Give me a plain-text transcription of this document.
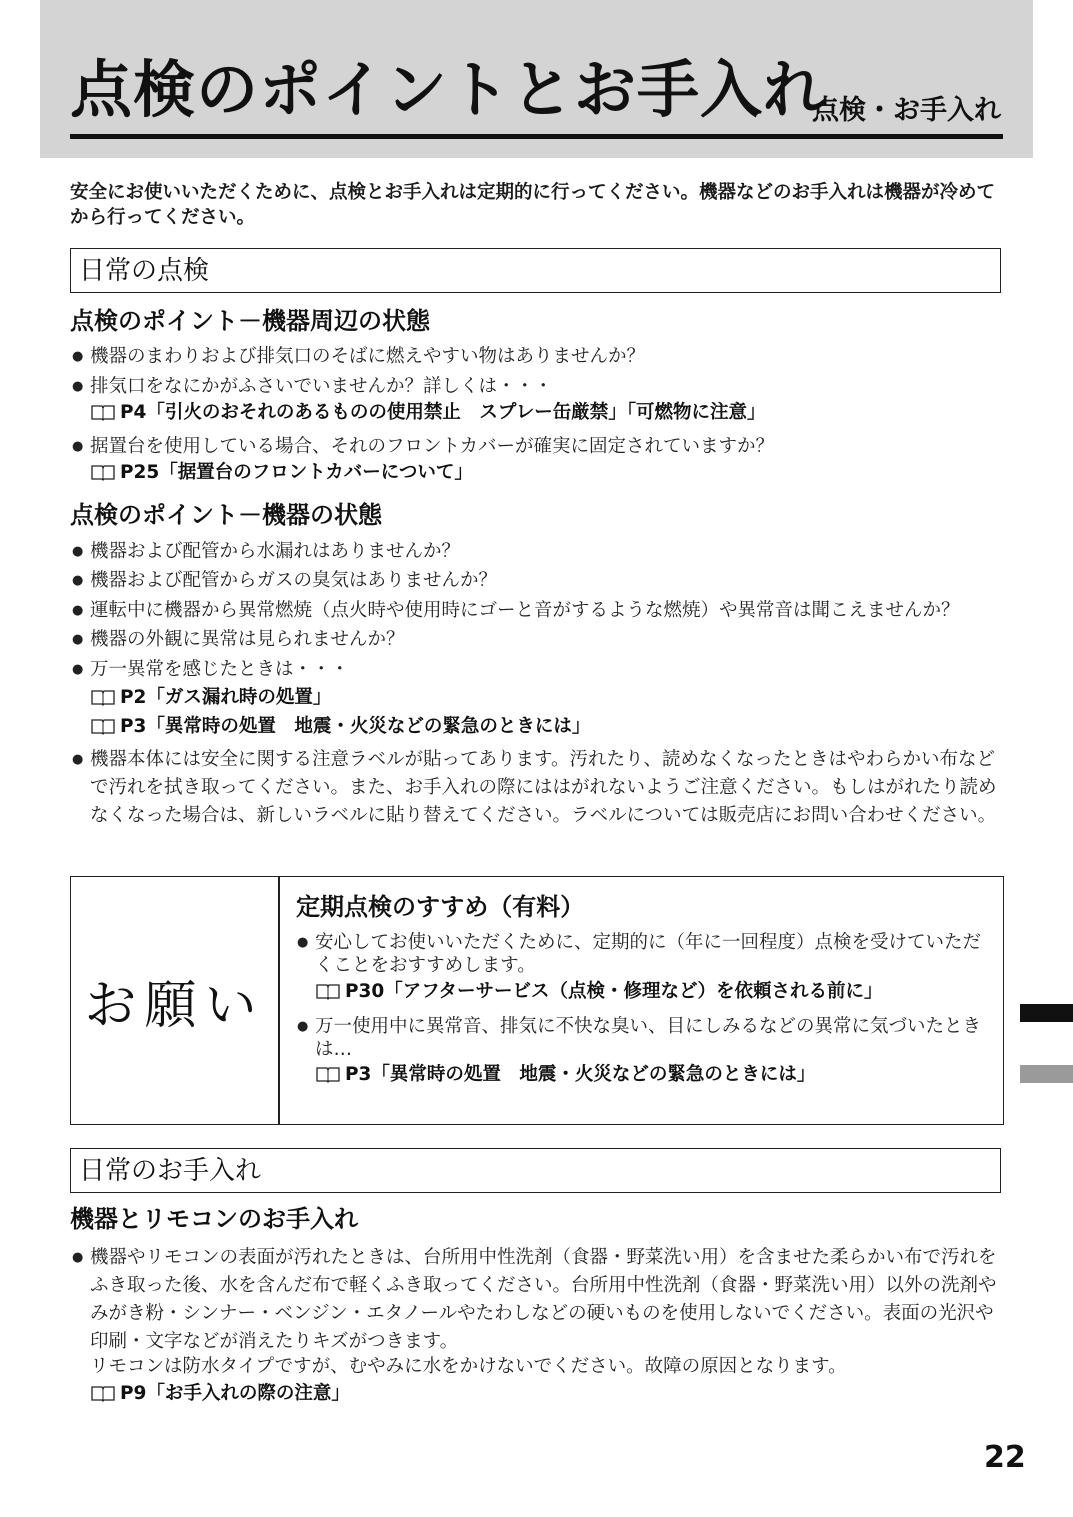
点検のポイントとお手入れ
点検・お手入れ

安全にお使いいただくために、点検とお手入れは定期的に行ってください。機器などのお手入れは機器が冷めてから行ってください。

日常の点検
点検のポイント－機器周辺の状態
● 機器のまわりおよび排気口のそばに燃えやすい物はありませんか？
● 排気口をなにかがふさいでいませんか？詳しくは・・・
P4「引火のおそれのあるものの使用禁止　スプレー缶厳禁」「可燃物に注意」
● 据置台を使用している場合、それのフロントカバーが確実に固定されていますか？
P25「据置台のフロントカバーについて」
点検のポイント－機器の状態
● 機器および配管から水漏れはありませんか？
● 機器および配管からガスの臭気はありませんか？
● 運転中に機器から異常燃焼（点火時や使用時にゴーと音がするような燃焼）や異常音は聞こえませんか？
● 機器の外観に異常は見られませんか？
● 万一異常を感じたときは・・・
P2「ガス漏れ時の処置」
P3「異常時の処置　地震・火災などの緊急のときには」
● 機器本体には安全に関する注意ラベルが貼ってあります。汚れたり、読めなくなったときはやわらかい布などで汚れを拭き取ってください。また、お手入れの際にははがれないようご注意ください。もしはがれたり読めなくなった場合は、新しいラベルに貼り替えてください。ラベルについては販売店にお問い合わせください。
お願い
定期点検のすすめ（有料）
● 安心してお使いいただくために、定期的に（年に一回程度）点検を受けていただくことをおすすめします。
P30「アフターサービス（点検・修理など）を依頼される前に」
● 万一使用中に異常音、排気に不快な臭い、目にしみるなどの異常に気づいたときは…
P3「異常時の処置　地震・火災などの緊急のときには」
日常のお手入れ
機器とリモコンのお手入れ
● 機器やリモコンの表面が汚れたときは、台所用中性洗剤（食器・野菜洗い用）を含ませた柔らかい布で汚れをふき取った後、水を含んだ布で軽くふき取ってください。台所用中性洗剤（食器・野菜洗い用）以外の洗剤やみがき粉・シンナー・ベンジン・エタノールやたわしなどの硬いものを使用しないでください。表面の光沢や印刷・文字などが消えたりキズがつきます。
リモコンは防水タイプですが、むやみに水をかけないでください。故障の原因となります。
P9「お手入れの際の注意」
22
